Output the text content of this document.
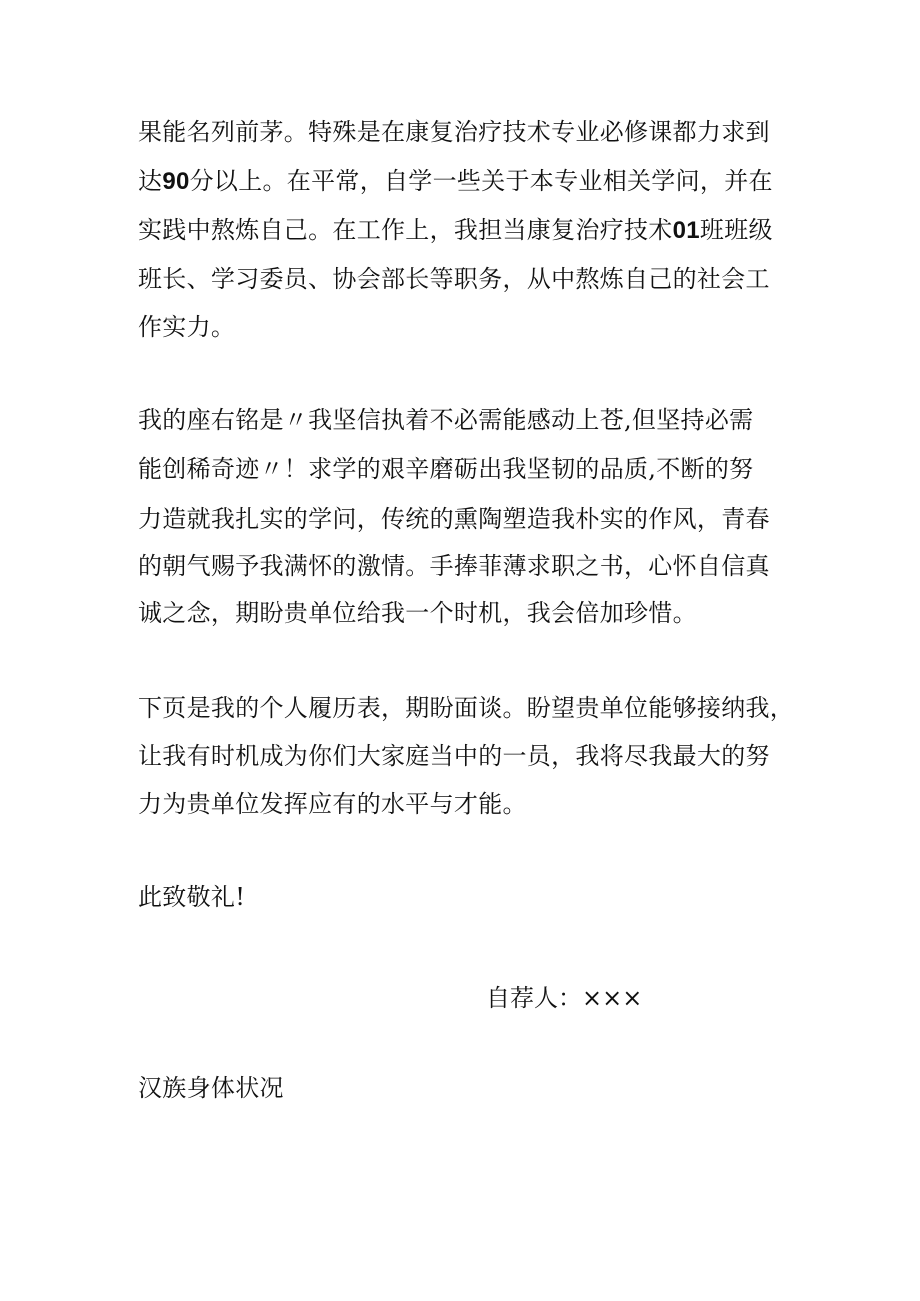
果能名列前茅。特殊是在康复治疗技术专业必修课都力求到
达90分以上。在平常，自学一些关于本专业相关学问，并在
实践中熬炼自己。在工作上，我担当康复治疗技术01班班级
班长、学习委员、协会部长等职务，从中熬炼自己的社会工
作实力。
我的座右铭是〃我坚信执着不必需能感动上苍,但坚持必需
能创稀奇迹〃！求学的艰辛磨砺出我坚韧的品质,不断的努
力造就我扎实的学问，传统的熏陶塑造我朴实的作风，青春
的朝气赐予我满怀的激情。手捧菲薄求职之书，心怀自信真
诚之念，期盼贵单位给我一个时机，我会倍加珍惜。
下页是我的个人履历表，期盼面谈。盼望贵单位能够接纳我，
让我有时机成为你们大家庭当中的一员，我将尽我最大的努
力为贵单位发挥应有的水平与才能。
此致敬礼!
自荐人：×××
汉族身体状况
